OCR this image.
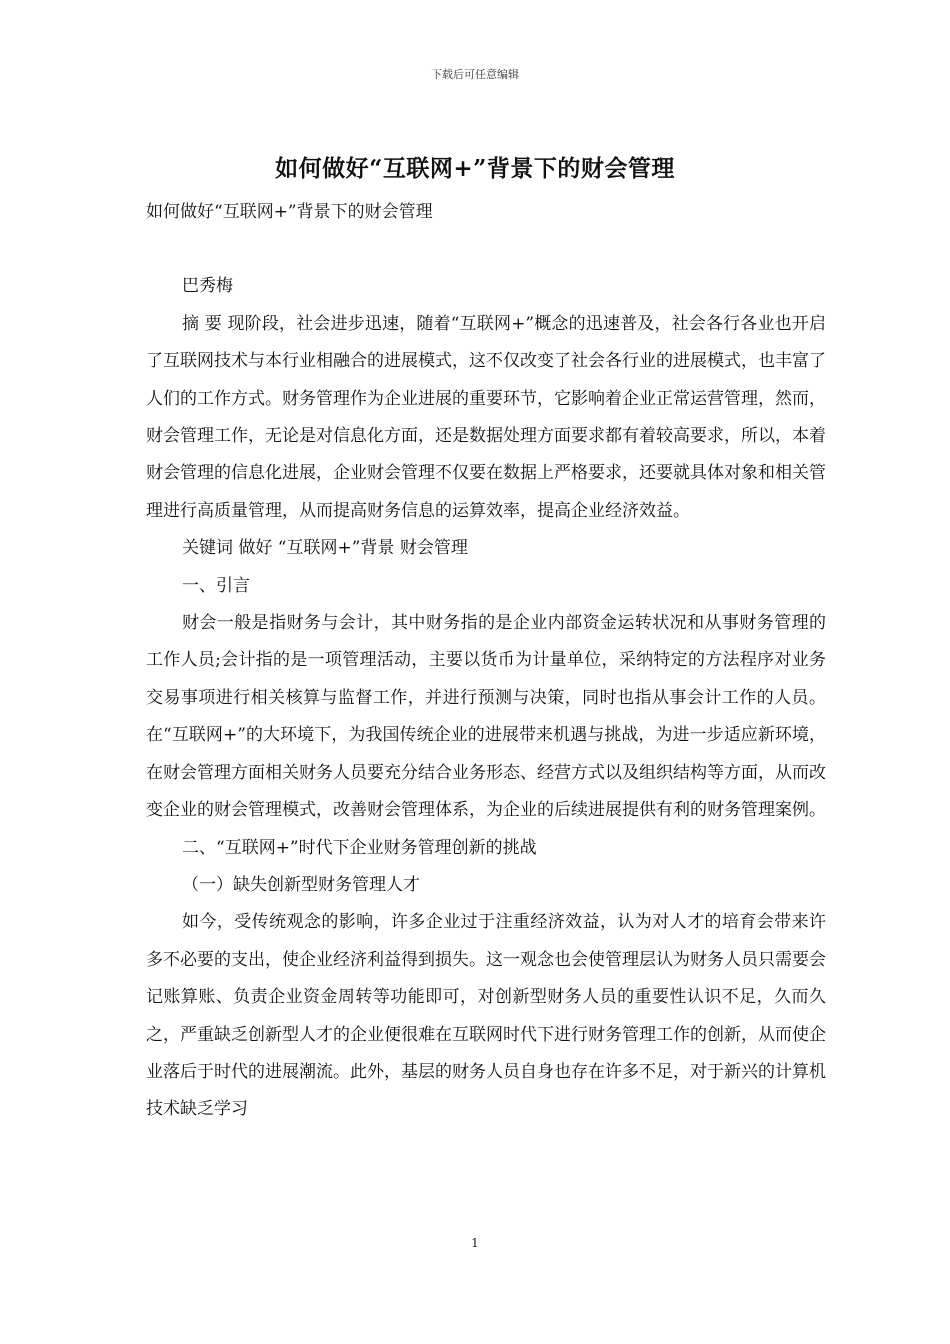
下载后可任意编辑
如何做好“互联网+”背景下的财会管理

如何做好“互联网+”背景下的财会管理

巴秀梅

摘 要 现阶段，社会进步迅速，随着“互联网+”概念的迅速普及，社会各行各业也开启了互联网技术与本行业相融合的进展模式，这不仅改变了社会各行业的进展模式，也丰富了人们的工作方式。财务管理作为企业进展的重要环节，它影响着企业正常运营管理，然而，财会管理工作，无论是对信息化方面，还是数据处理方面要求都有着较高要求，所以，本着财会管理的信息化进展，企业财会管理不仅要在数据上严格要求，还要就具体对象和相关管理进行高质量管理，从而提高财务信息的运算效率，提高企业经济效益。

关键词 做好 “互联网+”背景 财会管理

一、引言

财会一般是指财务与会计，其中财务指的是企业内部资金运转状况和从事财务管理的工作人员;会计指的是一项管理活动，主要以货币为计量单位，采纳特定的方法程序对业务交易事项进行相关核算与监督工作，并进行预测与决策，同时也指从事会计工作的人员。在“互联网+”的大环境下，为我国传统企业的进展带来机遇与挑战，为进一步适应新环境，在财会管理方面相关财务人员要充分结合业务形态、经营方式以及组织结构等方面，从而改变企业的财会管理模式，改善财会管理体系，为企业的后续进展提供有利的财务管理案例。

二、“互联网+”时代下企业财务管理创新的挑战

（一）缺失创新型财务管理人才

如今，受传统观念的影响，许多企业过于注重经济效益，认为对人才的培育会带来许多不必要的支出，使企业经济利益得到损失。这一观念也会使管理层认为财务人员只需要会记账算账、负责企业资金周转等功能即可，对创新型财务人员的重要性认识不足，久而久之，严重缺乏创新型人才的企业便很难在互联网时代下进行财务管理工作的创新，从而使企业落后于时代的进展潮流。此外，基层的财务人员自身也存在许多不足，对于新兴的计算机技术缺乏学习

1
